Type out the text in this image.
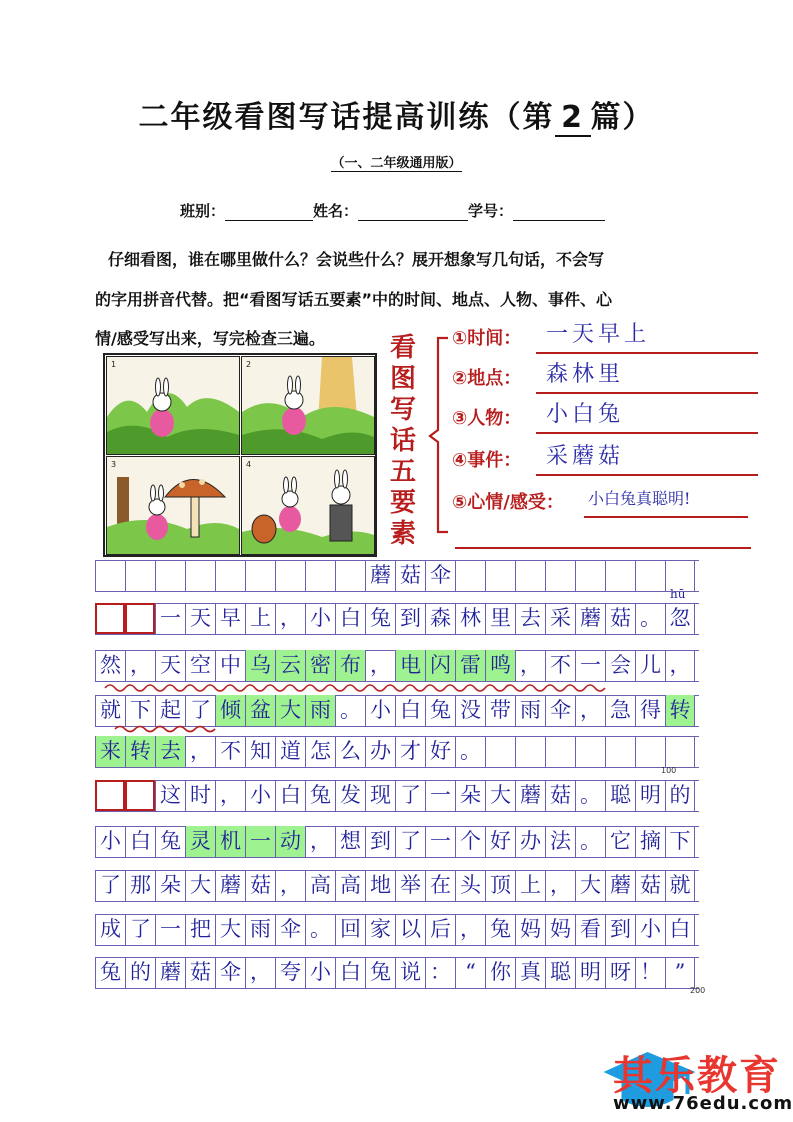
二年级看图写话提高训练（第 2 篇）
（一、二年级通用版）
班别：	姓名：	学号：
仔细看图，谁在哪里做什么？会说些什么？展开想象写几句话，不会写
的字用拼音代替。把“看图写话五要素”中的时间、地点、人物、事件、心
情/感受写出来，写完检查三遍。
1	2
3	4
看
图
写
话
五
要
素
①时间：	一天早上
②地点：	森林里
③人物：	小白兔
④事件：	采蘑菇
⑤心情/感受： 小白兔真聪明!
hū
蘑 菇 伞
一 天 早 上 ， 小 白 兔 到 森 林 里 去 采 蘑 菇 。 忽
然 ， 天 空 中 乌 云 密 布 ， 电 闪 雷 鸣 ， 不 一 会 儿 ，
就 下 起 了 倾 盆 大 雨 。 小 白 兔 没 带 雨 伞 ， 急 得 转
来 转 去 ， 不 知 道 怎 么 办 才 好 。
这 时 ， 小 白 兔 发 现 了 一 朵 大 蘑 菇 。 聪 明 的
小 白 兔 灵 机 一 动 ， 想 到 了 一 个 好 办 法 。 它 摘 下
了 那 朵 大 蘑 菇 ， 高 高 地 举 在 头 顶 上 ， 大 蘑 菇 就
成 了 一 把 大 雨 伞 。 回 家 以 后 ， 兔 妈 妈 看 到 小 白
兔 的 蘑 菇 伞 ， 夸 小 白 兔 说 ： “ 你 真 聪 明 呀 ！ ”
100
200
其乐教育
www.76edu.com
